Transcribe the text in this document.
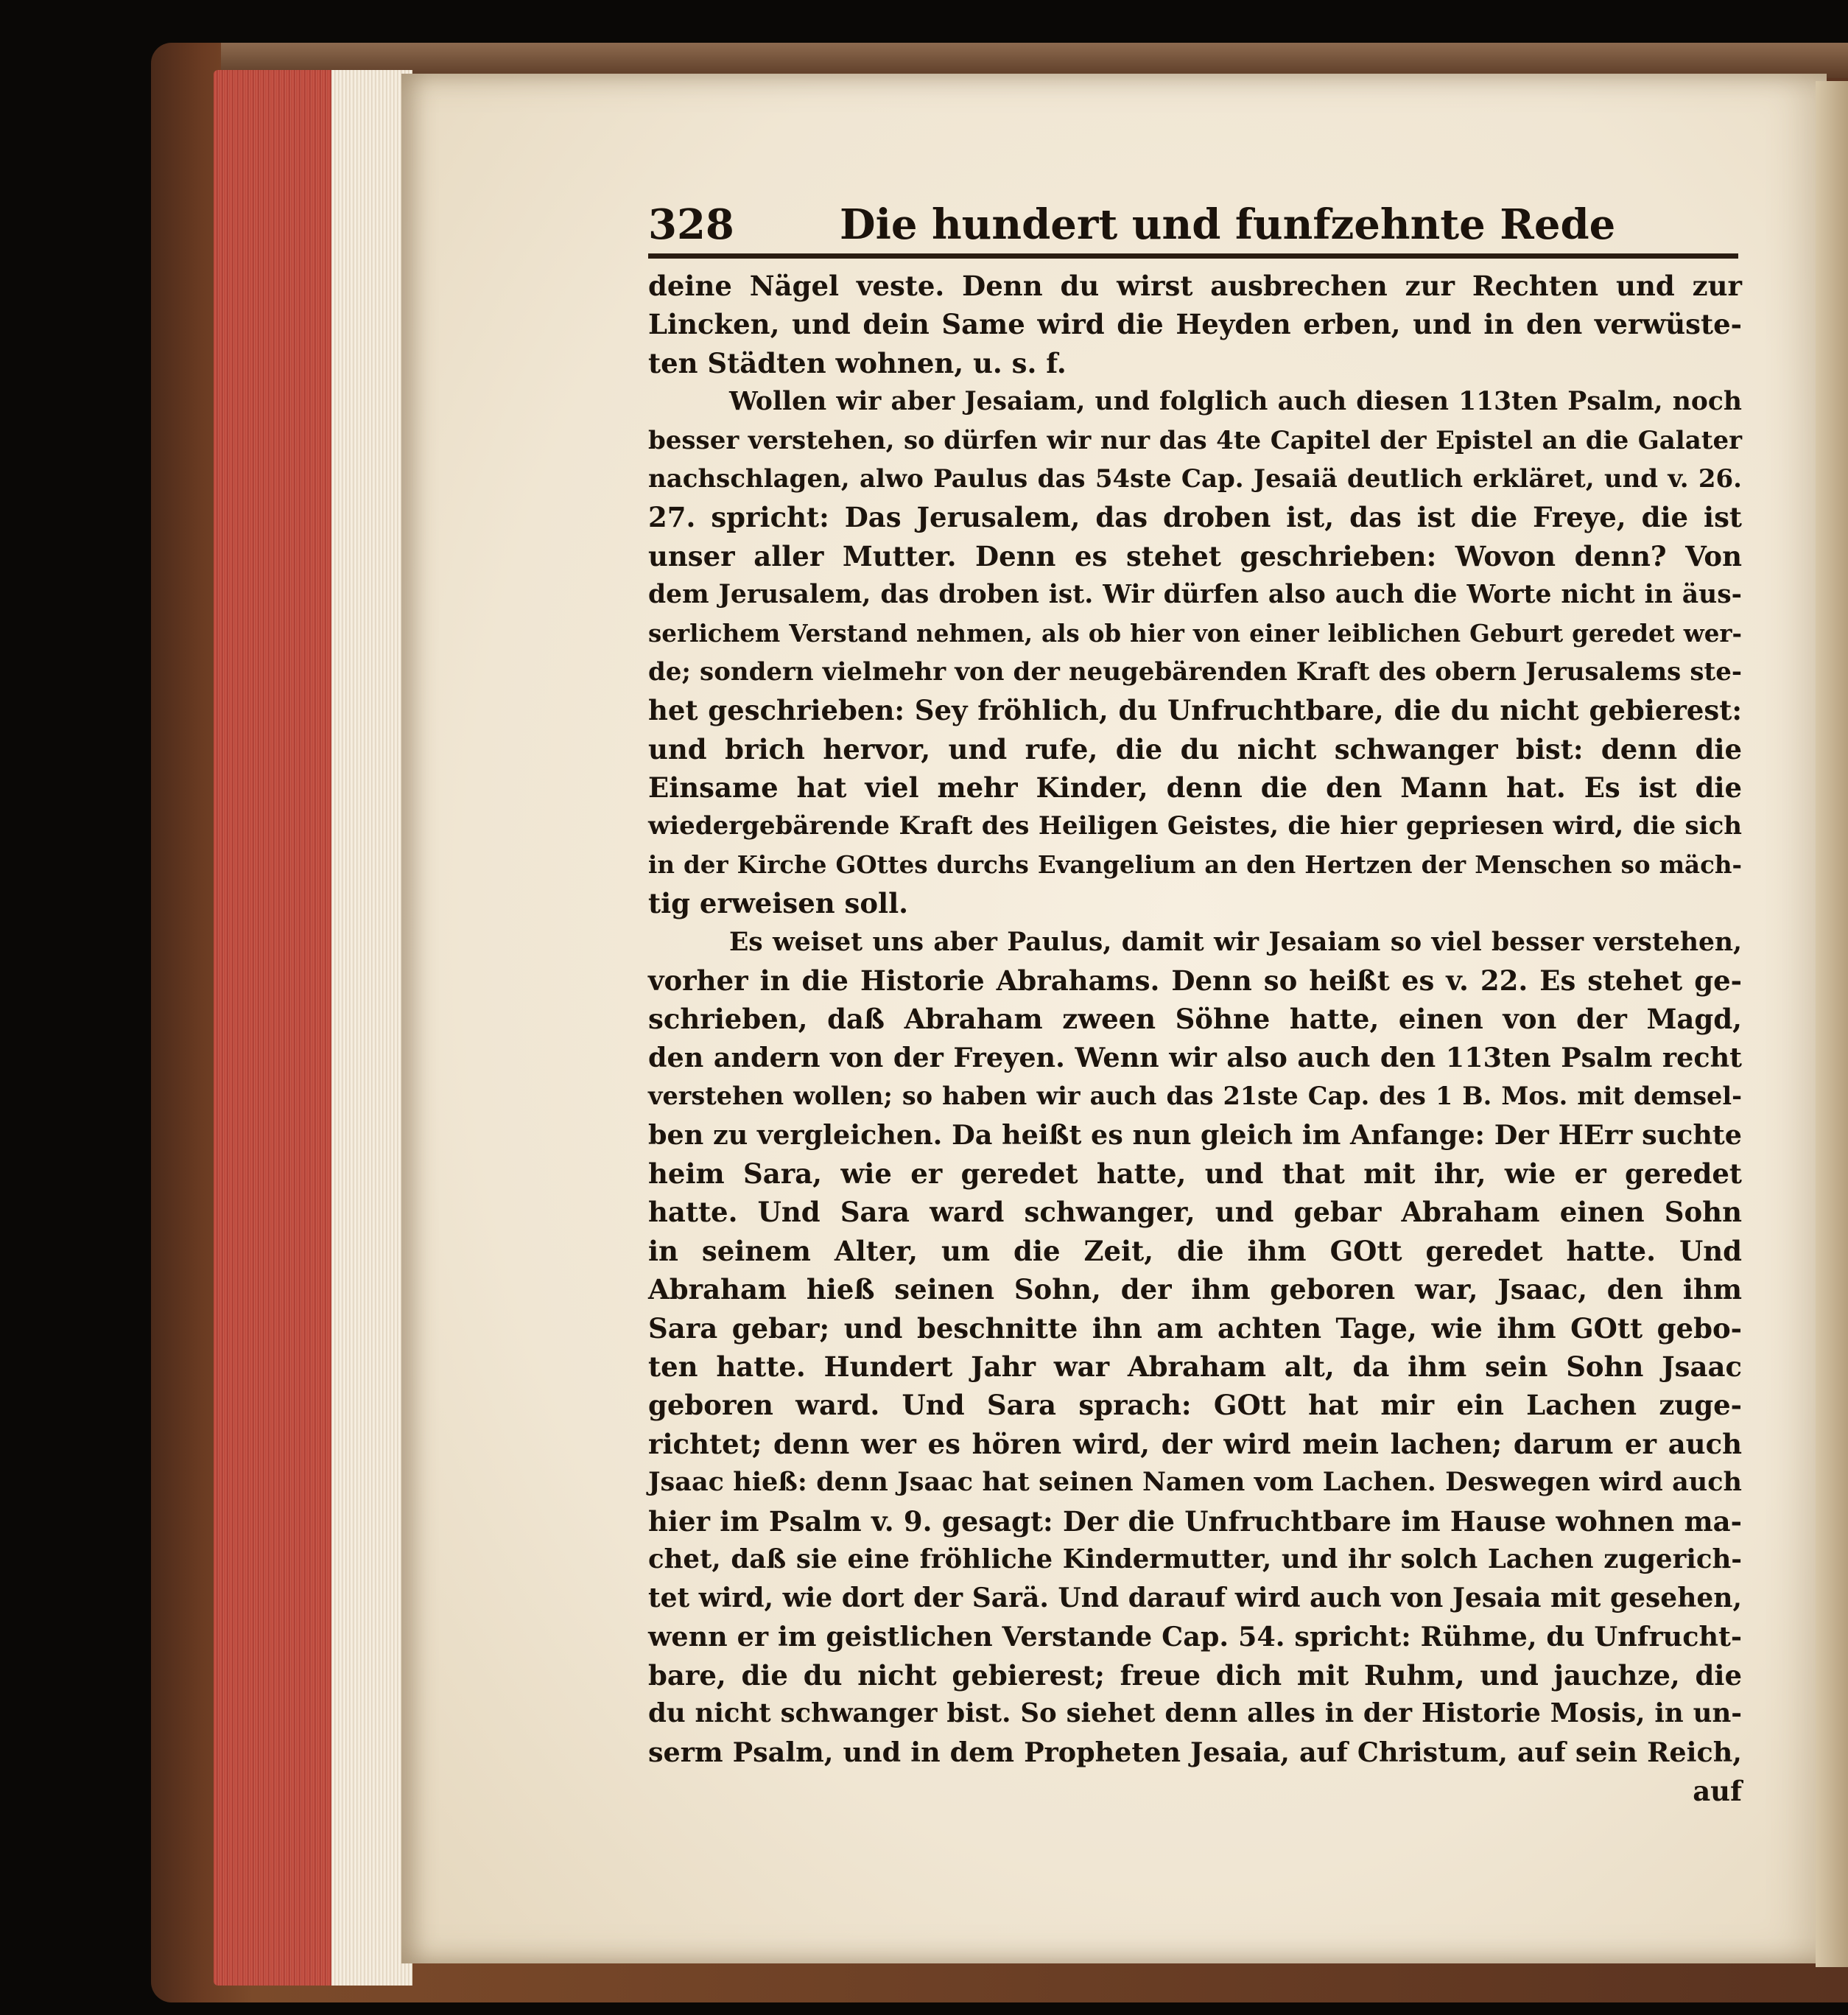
328	Die hundert und funfzehnte Rede
deine Nägel veste. Denn du wirst ausbrechen zur Rechten und zur
Lincken, und dein Same wird die Heyden erben, und in den verwüste-
ten Städten wohnen, u. s. f.
Wollen wir aber Jesaiam, und folglich auch diesen 113ten Psalm, noch
besser verstehen, so dürfen wir nur das 4te Capitel der Epistel an die Galater
nachschlagen, alwo Paulus das 54ste Cap. Jesaiä deutlich erkläret, und v. 26.
27. spricht: Das Jerusalem, das droben ist, das ist die Freye, die ist
unser aller Mutter. Denn es stehet geschrieben: Wovon denn? Von
dem Jerusalem, das droben ist. Wir dürfen also auch die Worte nicht in äus-
serlichem Verstand nehmen, als ob hier von einer leiblichen Geburt geredet wer-
de; sondern vielmehr von der neugebärenden Kraft des obern Jerusalems ste-
het geschrieben: Sey fröhlich, du Unfruchtbare, die du nicht gebierest:
und brich hervor, und rufe, die du nicht schwanger bist: denn die
Einsame hat viel mehr Kinder, denn die den Mann hat. Es ist die
wiedergebärende Kraft des Heiligen Geistes, die hier gepriesen wird, die sich
in der Kirche GOttes durchs Evangelium an den Hertzen der Menschen so mäch-
tig erweisen soll.
Es weiset uns aber Paulus, damit wir Jesaiam so viel besser verstehen,
vorher in die Historie Abrahams. Denn so heißt es v. 22. Es stehet ge-
schrieben, daß Abraham zween Söhne hatte, einen von der Magd,
den andern von der Freyen. Wenn wir also auch den 113ten Psalm recht
verstehen wollen; so haben wir auch das 21ste Cap. des 1 B. Mos. mit demsel-
ben zu vergleichen. Da heißt es nun gleich im Anfange: Der HErr suchte
heim Sara, wie er geredet hatte, und that mit ihr, wie er geredet
hatte. Und Sara ward schwanger, und gebar Abraham einen Sohn
in seinem Alter, um die Zeit, die ihm GOtt geredet hatte. Und
Abraham hieß seinen Sohn, der ihm geboren war, Jsaac, den ihm
Sara gebar; und beschnitte ihn am achten Tage, wie ihm GOtt gebo-
ten hatte. Hundert Jahr war Abraham alt, da ihm sein Sohn Jsaac
geboren ward. Und Sara sprach: GOtt hat mir ein Lachen zuge-
richtet; denn wer es hören wird, der wird mein lachen; darum er auch
Jsaac hieß: denn Jsaac hat seinen Namen vom Lachen. Deswegen wird auch
hier im Psalm v. 9. gesagt: Der die Unfruchtbare im Hause wohnen ma-
chet, daß sie eine fröhliche Kindermutter, und ihr solch Lachen zugerich-
tet wird, wie dort der Sarä. Und darauf wird auch von Jesaia mit gesehen,
wenn er im geistlichen Verstande Cap. 54. spricht: Rühme, du Unfrucht-
bare, die du nicht gebierest; freue dich mit Ruhm, und jauchze, die
du nicht schwanger bist. So siehet denn alles in der Historie Mosis, in un-
serm Psalm, und in dem Propheten Jesaia, auf Christum, auf sein Reich,
auf
